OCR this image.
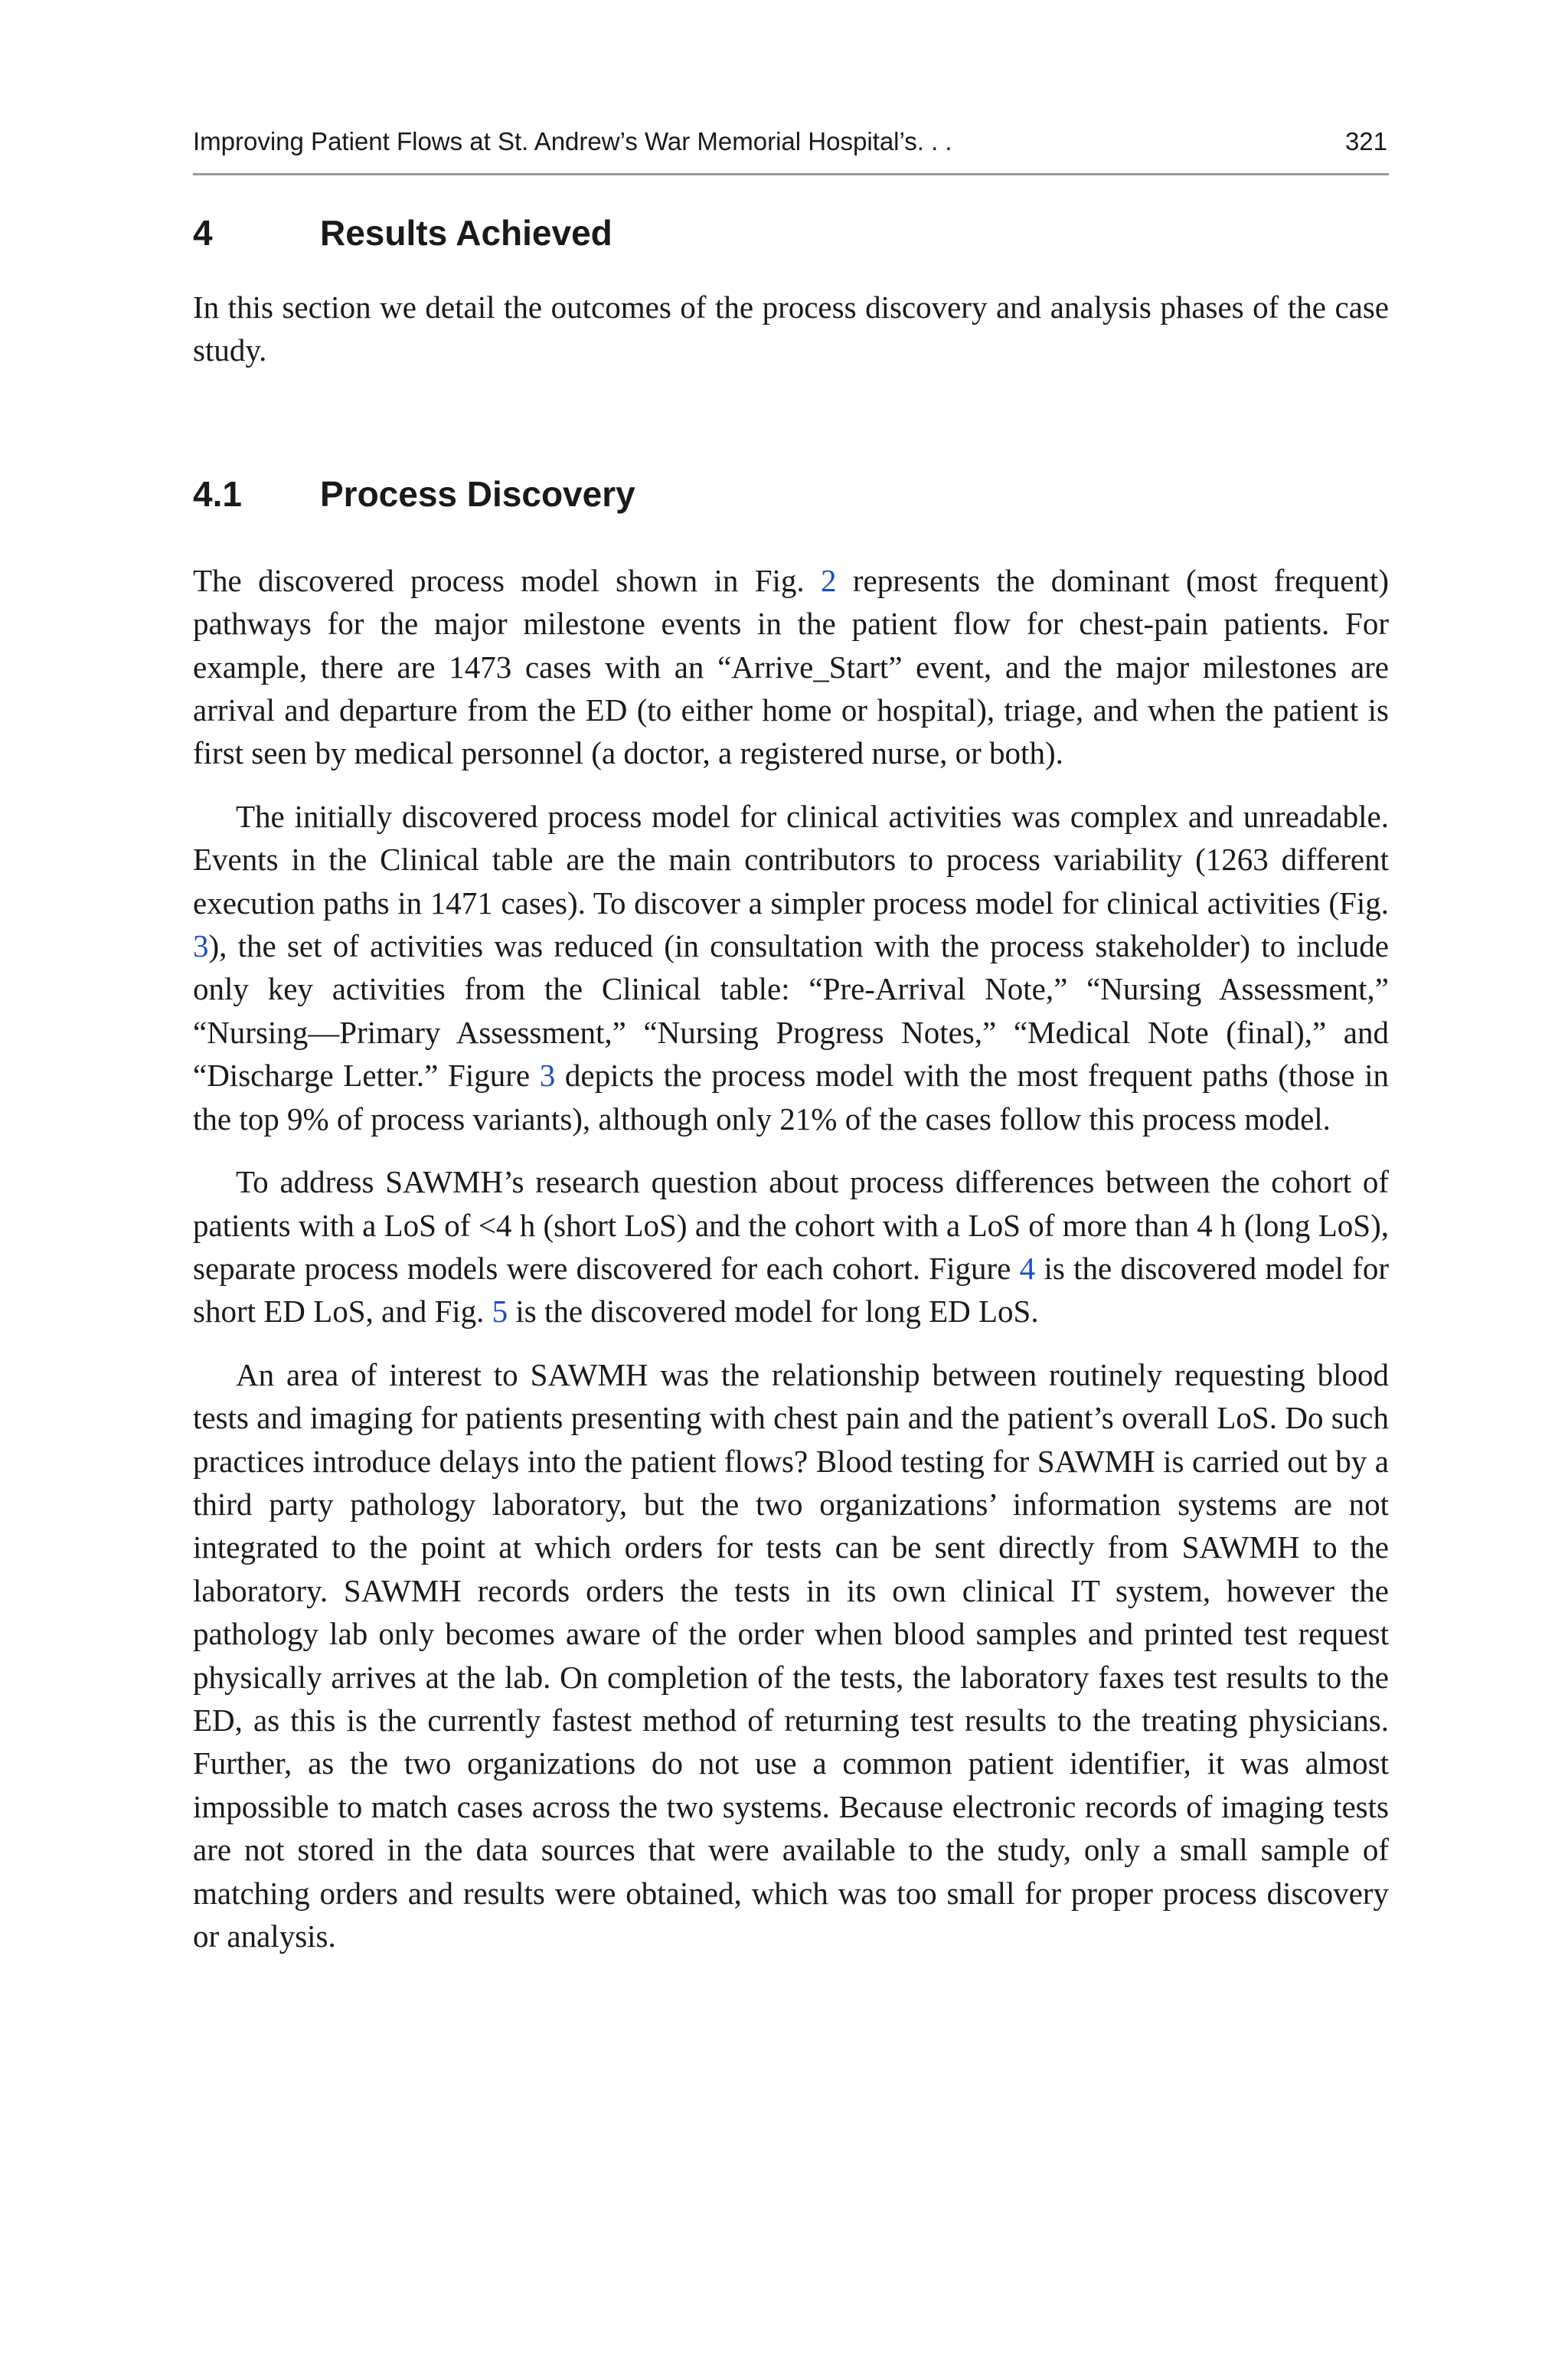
Improving Patient Flows at St. Andrew’s War Memorial Hospital’s. . .	321
4	Results Achieved

In this section we detail the outcomes of the process discovery and analysis phases of the case study.

4.1	Process Discovery

The discovered process model shown in Fig. 2 represents the dominant (most frequent) pathways for the major milestone events in the patient flow for chest-pain patients. For example, there are 1473 cases with an “Arrive_Start” event, and the major milestones are arrival and departure from the ED (to either home or hospital), triage, and when the patient is first seen by medical personnel (a doctor, a registered nurse, or both).

The initially discovered process model for clinical activities was complex and unreadable. Events in the Clinical table are the main contributors to process variability (1263 different execution paths in 1471 cases). To discover a simpler process model for clinical activities (Fig. 3), the set of activities was reduced (in consultation with the process stakeholder) to include only key activities from the Clinical table: “Pre-Arrival Note,” “Nursing Assessment,” “Nursing—Primary Assessment,” “Nursing Progress Notes,” “Medical Note (final),” and “Discharge Letter.” Figure 3 depicts the process model with the most frequent paths (those in the top 9% of process variants), although only 21% of the cases follow this process model.

To address SAWMH’s research question about process differences between the cohort of patients with a LoS of <4 h (short LoS) and the cohort with a LoS of more than 4 h (long LoS), separate process models were discovered for each cohort. Figure 4 is the discovered model for short ED LoS, and Fig. 5 is the discovered model for long ED LoS.

An area of interest to SAWMH was the relationship between routinely requesting blood tests and imaging for patients presenting with chest pain and the patient’s overall LoS. Do such practices introduce delays into the patient flows? Blood testing for SAWMH is carried out by a third party pathology laboratory, but the two organizations’ information systems are not integrated to the point at which orders for tests can be sent directly from SAWMH to the laboratory. SAWMH records orders the tests in its own clinical IT system, however the pathology lab only becomes aware of the order when blood samples and printed test request physically arrives at the lab. On completion of the tests, the laboratory faxes test results to the ED, as this is the currently fastest method of returning test results to the treating physicians. Further, as the two organizations do not use a common patient identifier, it was almost impossible to match cases across the two systems. Because electronic records of imaging tests are not stored in the data sources that were available to the study, only a small sample of matching orders and results were obtained, which was too small for proper process discovery or analysis.
